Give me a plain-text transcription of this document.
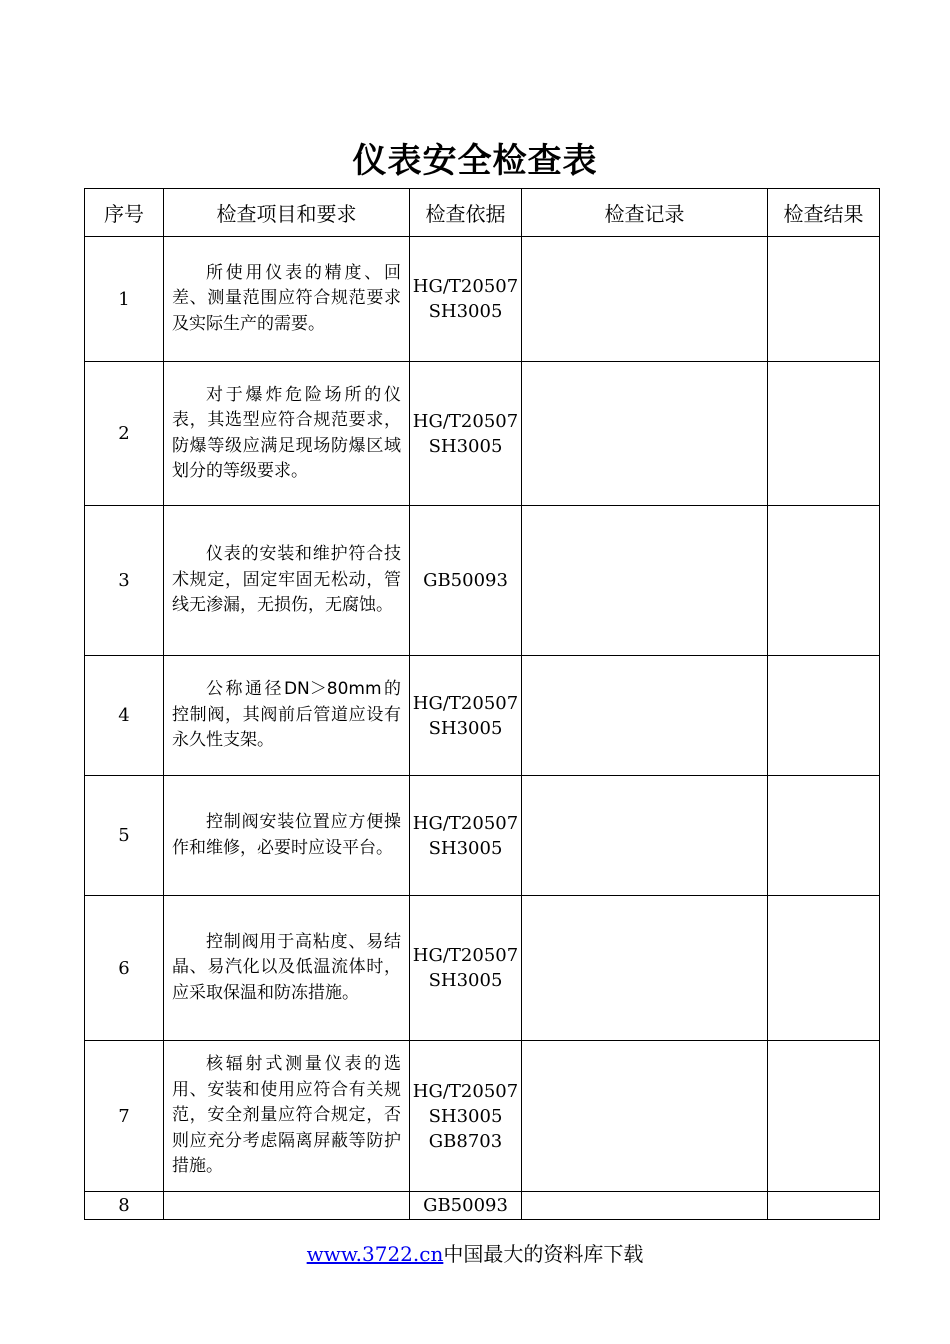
仪表安全检查表
序号	检查项目和要求	检查依据	检查记录	检查结果
1	所使用仪表的精度、回差、测量范围应符合规范要求及实际生产的需要。	HG/T20507
SH3005		

2	对于爆炸危险场所的仪表，其选型应符合规范要求，防爆等级应满足现场防爆区域划分的等级要求。	HG/T20507
SH3005		

3	仪表的安装和维护符合技术规定，固定牢固无松动，管线无渗漏，无损伤，无腐蚀。	GB50093		

4	公称通径DN＞80mm的控制阀，其阀前后管道应设有永久性支架。	HG/T20507
SH3005		

5	控制阀安装位置应方便操作和维修，必要时应设平台。	HG/T20507
SH3005		

6	控制阀用于高粘度、易结晶、易汽化以及低温流体时，应采取保温和防冻措施。	HG/T20507
SH3005		

7	核辐射式测量仪表的选用、安装和使用应符合有关规范，安全剂量应符合规定，否则应充分考虑隔离屏蔽等防护措施。	HG/T20507
SH3005
GB8703		

8		GB50093		

www.3722.cn中国最大的资料库下载
